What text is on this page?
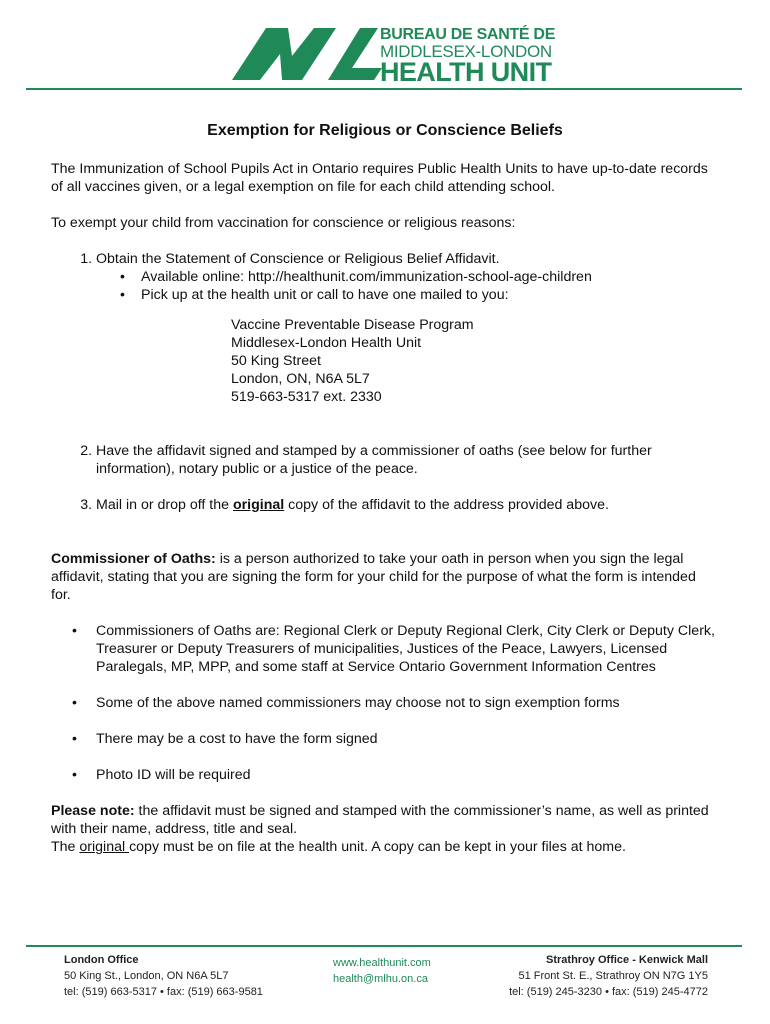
BUREAU DE SANTÉ DE
MIDDLESEX-LONDON
HEALTH UNIT
Exemption for Religious or Conscience Beliefs

The Immunization of School Pupils Act in Ontario requires Public Health Units to have up-to-date records of all vaccines given, or a legal exemption on file for each child attending school.

To exempt your child from vaccination for conscience or religious reasons:

1. Obtain the Statement of Conscience or Religious Belief Affidavit.
• Available online: http://healthunit.com/immunization-school-age-children
• Pick up at the health unit or call to have one mailed to you:
Vaccine Preventable Disease Program
Middlesex-London Health Unit
50 King Street
London, ON, N6A 5L7
519-663-5317 ext. 2330
2. Have the affidavit signed and stamped by a commissioner of oaths (see below for further information), notary public or a justice of the peace.
3. Mail in or drop off the original copy of the affidavit to the address provided above.

Commissioner of Oaths: is a person authorized to take your oath in person when you sign the legal affidavit, stating that you are signing the form for your child for the purpose of what the form is intended for.

• Commissioners of Oaths are: Regional Clerk or Deputy Regional Clerk, City Clerk or Deputy Clerk, Treasurer or Deputy Treasurers of municipalities, Justices of the Peace, Lawyers, Licensed Paralegals, MP, MPP, and some staff at Service Ontario Government Information Centres
• Some of the above named commissioners may choose not to sign exemption forms
• There may be a cost to have the form signed
• Photo ID will be required

Please note: the affidavit must be signed and stamped with the commissioner’s name, as well as printed with their name, address, title and seal.

The original copy must be on file at the health unit. A copy can be kept in your files at home.

London Office
50 King St., London, ON N6A 5L7
tel: (519) 663-5317 • fax: (519) 663-9581
www.healthunit.com
health@mlhu.on.ca
Strathroy Office - Kenwick Mall
51 Front St. E., Strathroy ON N7G 1Y5
tel: (519) 245-3230 • fax: (519) 245-4772
